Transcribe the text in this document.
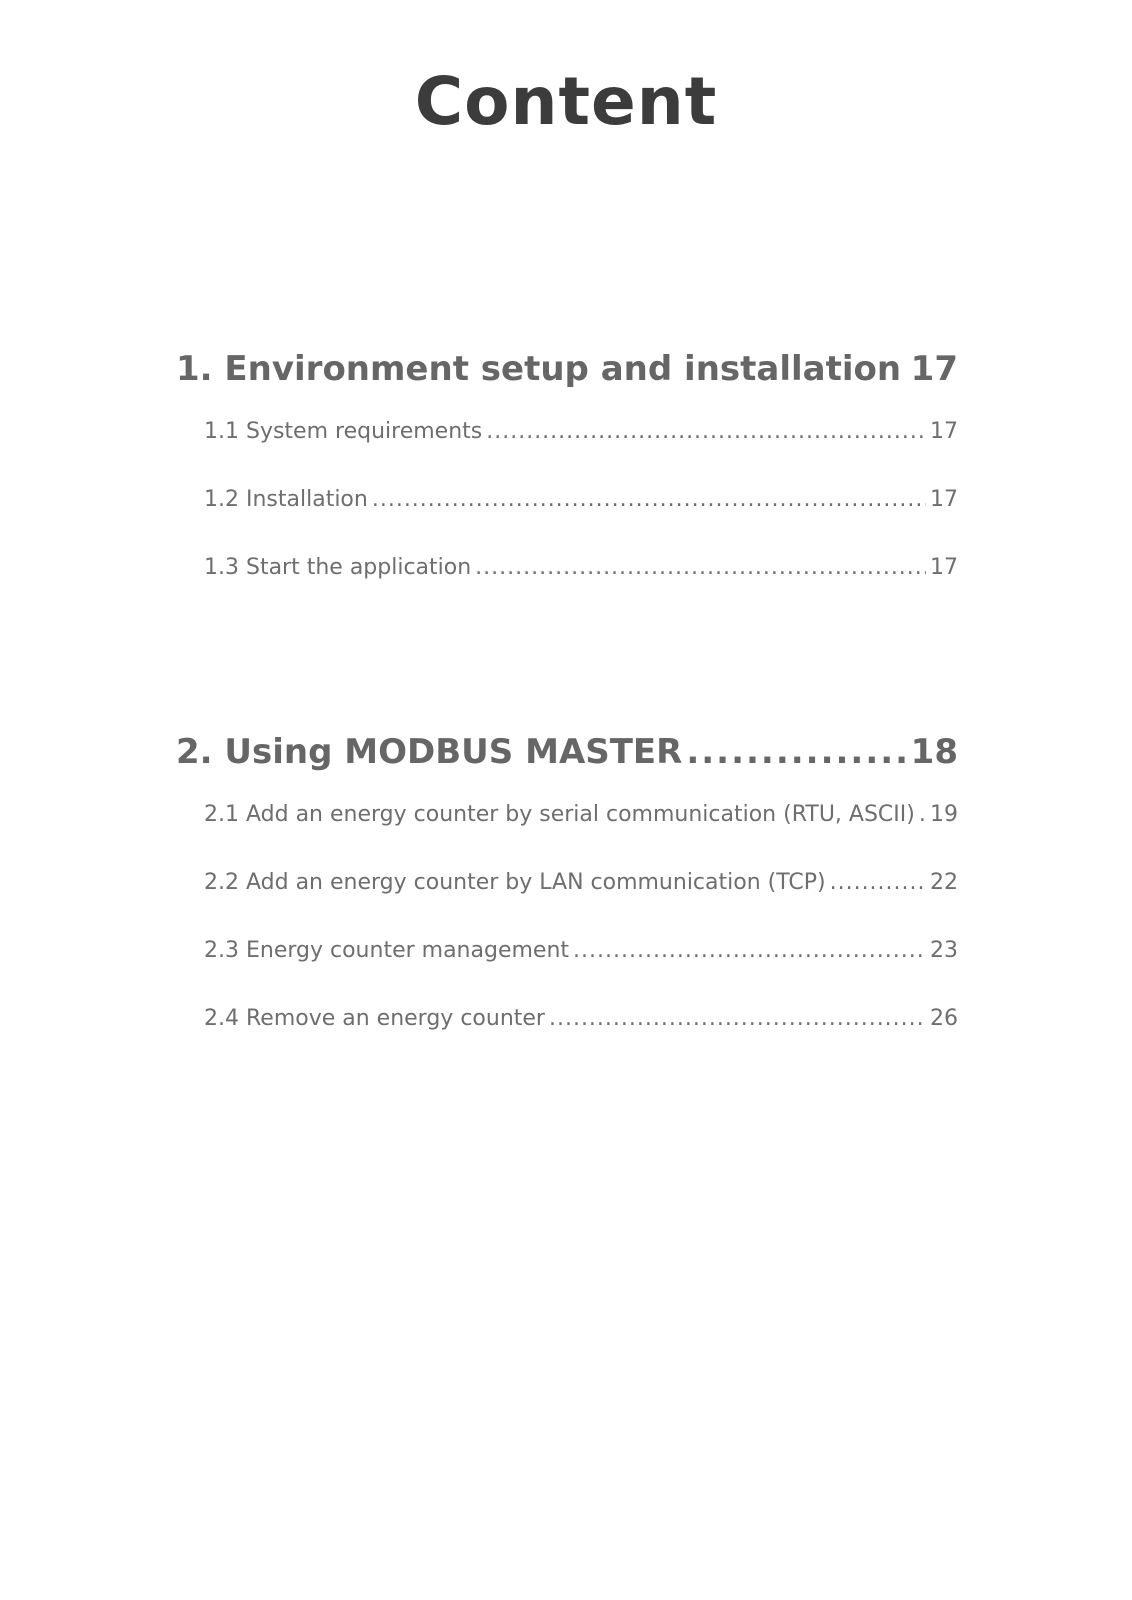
Content
1. Environment setup and installation ..... 17
1.1 System requirements .....	17
1.2 Installation .....	17
1.3 Start the application .....	17
2. Using MODBUS MASTER .....	18
2.1 Add an energy counter by serial communication (RTU, ASCII) ..... 19
2.2 Add an energy counter by LAN communication (TCP) .....	22
2.3 Energy counter management .....	23
2.4 Remove an energy counter .....	26
